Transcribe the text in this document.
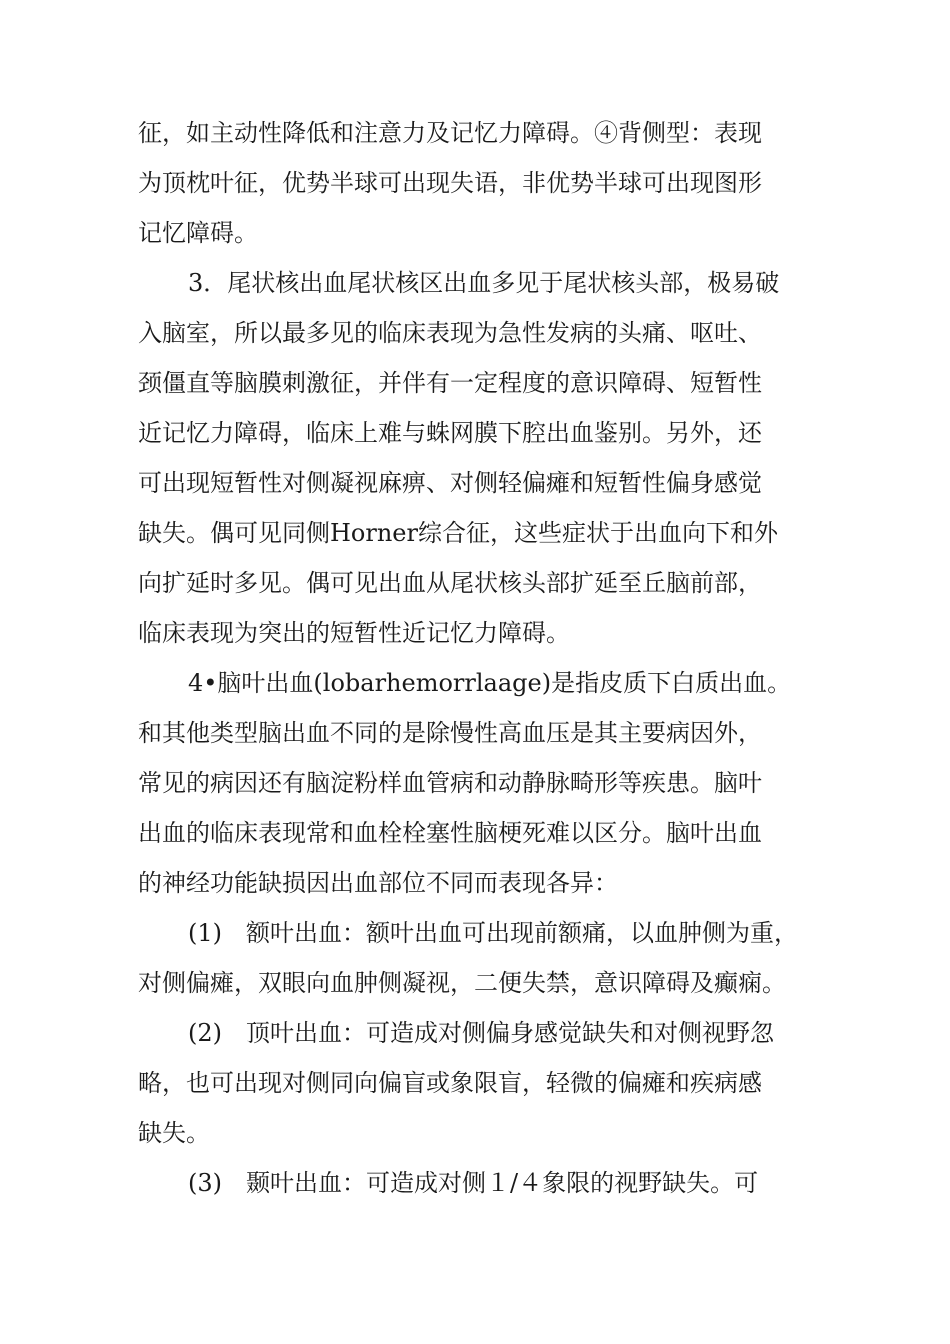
征，如主动性降低和注意力及记忆力障碍。④背侧型：表现
为顶枕叶征，优势半球可出现失语，非优势半球可出现图形
记忆障碍。
3．尾状核出血尾状核区出血多见于尾状核头部，极易破
入脑室，所以最多见的临床表现为急性发病的头痛、呕吐、
颈僵直等脑膜刺激征，并伴有一定程度的意识障碍、短暂性
近记忆力障碍，临床上难与蛛网膜下腔出血鉴别。另外，还
可出现短暂性对侧凝视麻痹、对侧轻偏瘫和短暂性偏身感觉
缺失。偶可见同侧Horner综合征，这些症状于出血向下和外
向扩延时多见。偶可见出血从尾状核头部扩延至丘脑前部，
临床表现为突出的短暂性近记忆力障碍。
4•脑叶出血(lobarhemorrlaage)是指皮质下白质出血。
和其他类型脑出血不同的是除慢性高血压是其主要病因外，
常见的病因还有脑淀粉样血管病和动静脉畸形等疾患。脑叶
出血的临床表现常和血栓栓塞性脑梗死难以区分。脑叶出血
的神经功能缺损因出血部位不同而表现各异：
(1)　额叶出血：额叶出血可出现前额痛，以血肿侧为重，
对侧偏瘫，双眼向血肿侧凝视，二便失禁，意识障碍及癫痫。
(2)　顶叶出血：可造成对侧偏身感觉缺失和对侧视野忽
略，也可出现对侧同向偏盲或象限盲，轻微的偏瘫和疾病感
缺失。
(3)　颞叶出血：可造成对侧１/４象限的视野缺失。可
